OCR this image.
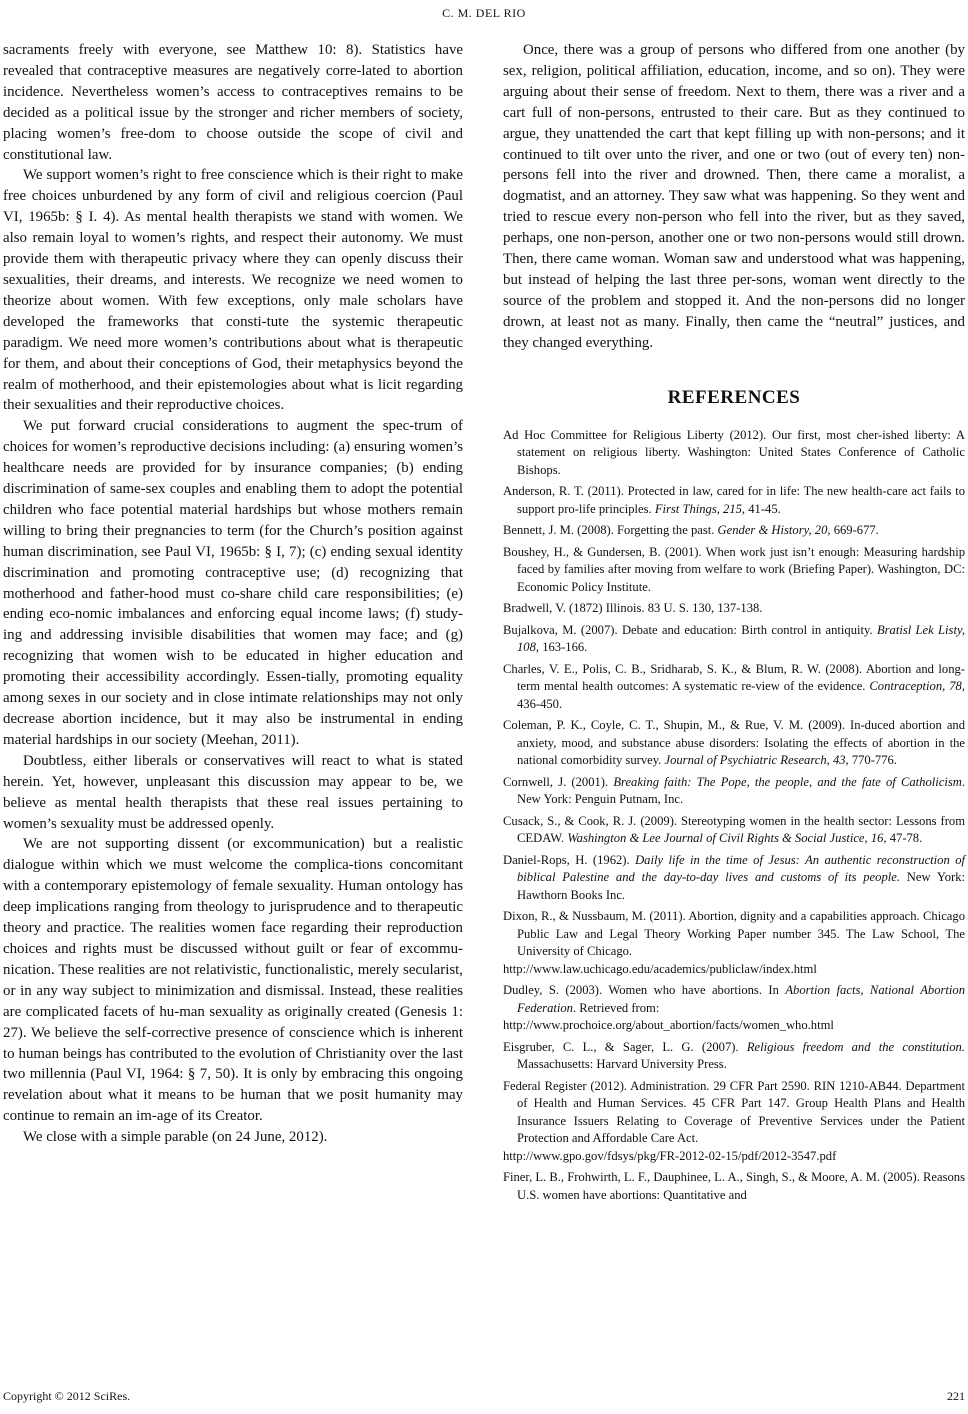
C. M. DEL RIO

sacraments freely with everyone, see Matthew 10: 8). Statistics have revealed that contraceptive measures are negatively corre-lated to abortion incidence. Nevertheless women’s access to contraceptives remains to be decided as a political issue by the stronger and richer members of society, placing women’s free-dom to choose outside the scope of civil and constitutional law.

We support women’s right to free conscience which is their right to make free choices unburdened by any form of civil and religious coercion (Paul VI, 1965b: § I. 4). As mental health therapists we stand with women. We also remain loyal to women’s rights, and respect their autonomy. We must provide them with therapeutic privacy where they can openly discuss their sexualities, their dreams, and interests. We recognize we need women to theorize about women. With few exceptions, only male scholars have developed the frameworks that consti-tute the systemic therapeutic paradigm. We need more women’s contributions about what is therapeutic for them, and about their conceptions of God, their metaphysics beyond the realm of motherhood, and their epistemologies about what is licit regarding their sexualities and their reproductive choices.

We put forward crucial considerations to augment the spec-trum of choices for women’s reproductive decisions including: (a) ensuring women’s healthcare needs are provided for by insurance companies; (b) ending discrimination of same-sex couples and enabling them to adopt the potential children who face potential material hardships but whose mothers remain willing to bring their pregnancies to term (for the Church’s position against human discrimination, see Paul VI, 1965b: § I, 7); (c) ending sexual identity discrimination and promoting contraceptive use; (d) recognizing that motherhood and father-hood must co-share child care responsibilities; (e) ending eco-nomic imbalances and enforcing equal income laws; (f) study-ing and addressing invisible disabilities that women may face; and (g) recognizing that women wish to be educated in higher education and promoting their accessibility accordingly. Essen-tially, promoting equality among sexes in our society and in close intimate relationships may not only decrease abortion incidence, but it may also be instrumental in ending material hardships in our society (Meehan, 2011).

Doubtless, either liberals or conservatives will react to what is stated herein. Yet, however, unpleasant this discussion may appear to be, we believe as mental health therapists that these real issues pertaining to women’s sexuality must be addressed openly.

We are not supporting dissent (or excommunication) but a realistic dialogue within which we must welcome the complica-tions concomitant with a contemporary epistemology of female sexuality. Human ontology has deep implications ranging from theology to jurisprudence and to therapeutic theory and practice. The realities women face regarding their reproduction choices and rights must be discussed without guilt or fear of excommu-nication. These realities are not relativistic, functionalistic, merely secularist, or in any way subject to minimization and dismissal. Instead, these realities are complicated facets of hu-man sexuality as originally created (Genesis 1: 27). We believe the self-corrective presence of conscience which is inherent to human beings has contributed to the evolution of Christianity over the last two millennia (Paul VI, 1964: § 7, 50). It is only by embracing this ongoing revelation about what it means to be human that we posit humanity may continue to remain an im-age of its Creator.

We close with a simple parable (on 24 June, 2012).

Once, there was a group of persons who differed from one another (by sex, religion, political affiliation, education, income, and so on). They were arguing about their sense of freedom. Next to them, there was a river and a cart full of non-persons, entrusted to their care. But as they continued to argue, they unattended the cart that kept filling up with non-persons; and it continued to tilt over unto the river, and one or two (out of every ten) non-persons fell into the river and drowned. Then, there came a moralist, a dogmatist, and an attorney. They saw what was happening. So they went and tried to rescue every non-person who fell into the river, but as they saved, perhaps, one non-person, another one or two non-persons would still drown. Then, there came woman. Woman saw and understood what was happening, but instead of helping the last three per-sons, woman went directly to the source of the problem and stopped it. And the non-persons did no longer drown, at least not as many. Finally, then came the “neutral” justices, and they changed everything.

REFERENCES
Ad Hoc Committee for Religious Liberty (2012). Our first, most cher-ished liberty: A statement on religious liberty. Washington: United States Conference of Catholic Bishops.
Anderson, R. T. (2011). Protected in law, cared for in life: The new health-care act fails to support pro-life principles. First Things, 215, 41-45.
Bennett, J. M. (2008). Forgetting the past. Gender & History, 20, 669-677.
Boushey, H., & Gundersen, B. (2001). When work just isn’t enough: Measuring hardship faced by families after moving from welfare to work (Briefing Paper). Washington, DC: Economic Policy Institute.
Bradwell, V. (1872) Illinois. 83 U. S. 130, 137-138.
Bujalkova, M. (2007). Debate and education: Birth control in antiquity. Bratisl Lek Listy, 108, 163-166.
Charles, V. E., Polis, C. B., Sridharab, S. K., & Blum, R. W. (2008). Abortion and long-term mental health outcomes: A systematic re-view of the evidence. Contraception, 78, 436-450.
Coleman, P. K., Coyle, C. T., Shupin, M., & Rue, V. M. (2009). In-duced abortion and anxiety, mood, and substance abuse disorders: Isolating the effects of abortion in the national comorbidity survey. Journal of Psychiatric Research, 43, 770-776.
Cornwell, J. (2001). Breaking faith: The Pope, the people, and the fate of Catholicism. New York: Penguin Putnam, Inc.
Cusack, S., & Cook, R. J. (2009). Stereotyping women in the health sector: Lessons from CEDAW. Washington & Lee Journal of Civil Rights & Social Justice, 16, 47-78.
Daniel-Rops, H. (1962). Daily life in the time of Jesus: An authentic reconstruction of biblical Palestine and the day-to-day lives and customs of its people. New York: Hawthorn Books Inc.
Dixon, R., & Nussbaum, M. (2011). Abortion, dignity and a capabilities approach. Chicago Public Law and Legal Theory Working Paper number 345. The Law School, The University of Chicago.
http://www.law.uchicago.edu/academics/publiclaw/index.html
Dudley, S. (2003). Women who have abortions. In Abortion facts, National Abortion Federation. Retrieved from:
http://www.prochoice.org/about_abortion/facts/women_who.html
Eisgruber, C. L., & Sager, L. G. (2007). Religious freedom and the constitution. Massachusetts: Harvard University Press.
Federal Register (2012). Administration. 29 CFR Part 2590. RIN 1210-AB44. Department of Health and Human Services. 45 CFR Part 147. Group Health Plans and Health Insurance Issuers Relating to Coverage of Preventive Services under the Patient Protection and Affordable Care Act.
http://www.gpo.gov/fdsys/pkg/FR-2012-02-15/pdf/2012-3547.pdf
Finer, L. B., Frohwirth, L. F., Dauphinee, L. A., Singh, S., & Moore, A. M. (2005). Reasons U.S. women have abortions: Quantitative and
Copyright © 2012 SciRes.	221
